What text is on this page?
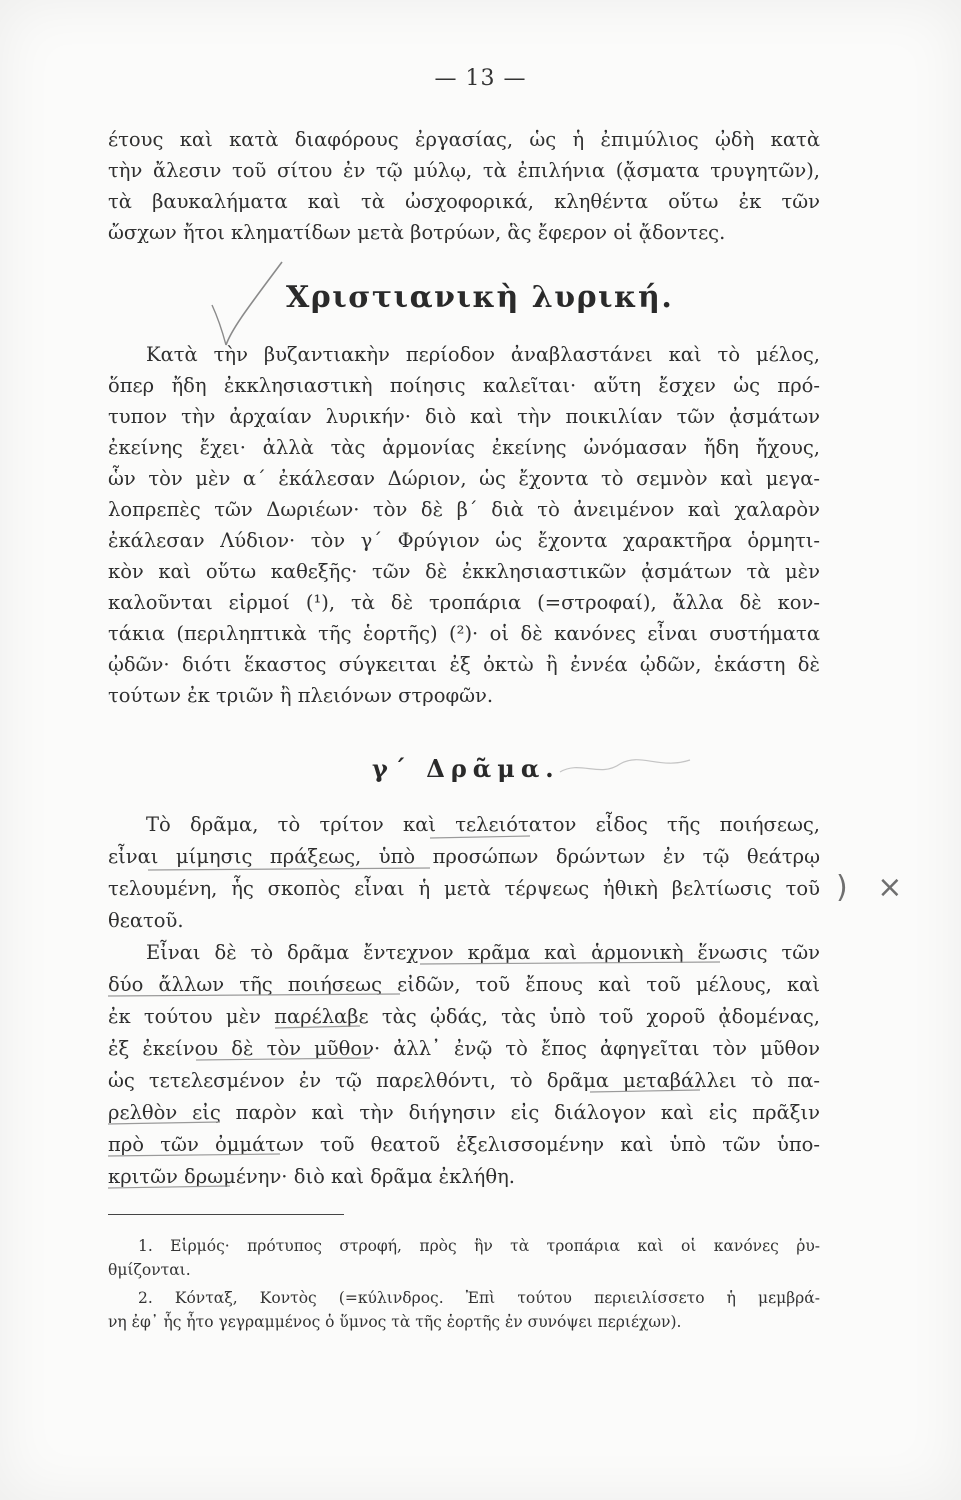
— 13 —
έτους καὶ κατὰ διαφόρους ἐργασίας, ὡς ἡ ἐπιμύλιος ᾠδὴ κατὰ
τὴν ἄλεσιν τοῦ σίτου ἐν τῷ μύλῳ, τὰ ἐπιλήνια (ᾄσματα τρυγητῶν),
τὰ βαυκαλήματα καὶ τὰ ὠσχοφορικά, κληθέντα οὕτω ἐκ τῶν
ὤσχων ἤτοι κληματίδων μετὰ βοτρύων, ἃς ἔφερον οἱ ᾄδοντες.
Χριστιανικὴ λυρική.
Κατὰ τὴν βυζαντιακὴν περίοδον ἀναβλαστάνει καὶ τὸ μέλος,
ὅπερ ἤδη ἐκκλησιαστικὴ ποίησις καλεῖται· αὕτη ἔσχεν ὡς πρό-
τυπον τὴν ἀρχαίαν λυρικήν· διὸ καὶ τὴν ποικιλίαν τῶν ᾀσμάτων
ἐκείνης ἔχει· ἀλλὰ τὰς ἁρμονίας ἐκείνης ὠνόμασαν ἤδη ἤχους,
ὧν τὸν μὲν α΄ ἐκάλεσαν Δώριον, ὡς ἔχοντα τὸ σεμνὸν καὶ μεγα-
λοπρεπὲς τῶν Δωριέων· τὸν δὲ β΄ διὰ τὸ ἀνειμένον καὶ χαλαρὸν
ἐκάλεσαν Λύδιον· τὸν γ΄ Φρύγιον ὡς ἔχοντα χαρακτῆρα ὁρμητι-
κὸν καὶ οὕτω καθεξῆς· τῶν δὲ ἐκκλησιαστικῶν ᾀσμάτων τὰ μὲν
καλοῦνται εἱρμοί (¹), τὰ δὲ τροπάρια (=στροφαί), ἄλλα δὲ κον-
τάκια (περιληπτικὰ τῆς ἑορτῆς) (²)· οἱ δὲ κανόνες εἶναι συστήματα
ᾠδῶν· διότι ἕκαστος σύγκειται ἐξ ὀκτὼ ἢ ἐννέα ᾠδῶν, ἑκάστη δὲ
τούτων ἐκ τριῶν ἢ πλειόνων στροφῶν.
γ΄ Δρᾶμα.
Τὸ δρᾶμα, τὸ τρίτον καὶ τελειότατον εἶδος τῆς ποιήσεως,
εἶναι μίμησις πράξεως, ὑπὸ προσώπων δρώντων ἐν τῷ θεάτρῳ
τελουμένη, ἧς σκοπὸς εἶναι ἡ μετὰ τέρψεως ἠθικὴ βελτίωσις τοῦ
θεατοῦ.
Εἶναι δὲ τὸ δρᾶμα ἔντεχνον κρᾶμα καὶ ἁρμονικὴ ἕνωσις τῶν
δύο ἄλλων τῆς ποιήσεως εἰδῶν, τοῦ ἔπους καὶ τοῦ μέλους, καὶ
ἐκ τούτου μὲν παρέλαβε τὰς ᾠδάς, τὰς ὑπὸ τοῦ χοροῦ ᾀδομένας,
ἐξ ἐκείνου δὲ τὸν μῦθον· ἀλλ᾽ ἐνῷ τὸ ἔπος ἀφηγεῖται τὸν μῦθον
ὡς τετελεσμένον ἐν τῷ παρελθόντι, τὸ δρᾶμα μεταβάλλει τὸ πα-
ρελθὸν εἰς παρὸν καὶ τὴν διήγησιν εἰς διάλογον καὶ εἰς πρᾶξιν
πρὸ τῶν ὀμμάτων τοῦ θεατοῦ ἐξελισσομένην καὶ ὑπὸ τῶν ὑπο-
κριτῶν δρωμένην· διὸ καὶ δρᾶμα ἐκλήθη.
1. Εἱρμός· πρότυπος στροφή, πρὸς ἣν τὰ τροπάρια καὶ οἱ κανόνες ῥυ-
θμίζονται.
2. Κόνταξ, Κοντὸς (=κύλινδρος. Ἐπὶ τούτου περιειλίσσετο ἡ μεμβρά-
νη ἐφ᾽ ἧς ἦτο γεγραμμένος ὁ ὕμνος τὰ τῆς ἑορτῆς ἐν συνόψει περιέχων).
) ×
